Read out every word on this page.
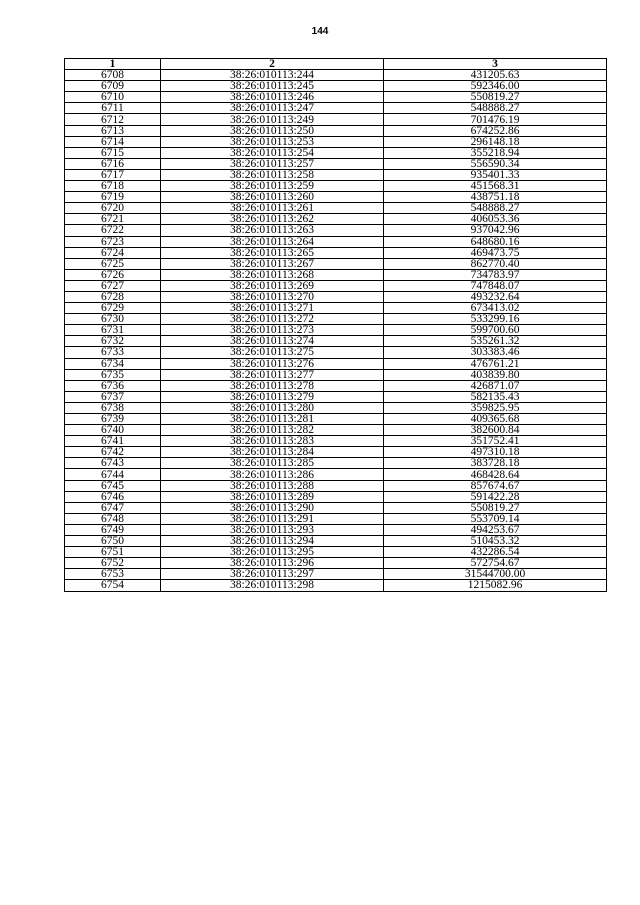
144
1	2	3
6708	38:26:010113:244	431205.63
6709	38:26:010113:245	592346.00
6710	38:26:010113:246	550819.27
6711	38:26:010113:247	548888.27
6712	38:26:010113:249	701476.19
6713	38:26:010113:250	674252.86
6714	38:26:010113:253	296148.18
6715	38:26:010113:254	355218.94
6716	38:26:010113:257	556590.34
6717	38:26:010113:258	935401.33
6718	38:26:010113:259	451568.31
6719	38:26:010113:260	438751.18
6720	38:26:010113:261	548888.27
6721	38:26:010113:262	406053.36
6722	38:26:010113:263	937042.96
6723	38:26:010113:264	648680.16
6724	38:26:010113:265	469473.75
6725	38:26:010113:267	862770.40
6726	38:26:010113:268	734783.97
6727	38:26:010113:269	747848.07
6728	38:26:010113:270	493232.64
6729	38:26:010113:271	673413.02
6730	38:26:010113:272	533299.16
6731	38:26:010113:273	599700.60
6732	38:26:010113:274	535261.32
6733	38:26:010113:275	303383.46
6734	38:26:010113:276	476761.21
6735	38:26:010113:277	403839.80
6736	38:26:010113:278	426871.07
6737	38:26:010113:279	582135.43
6738	38:26:010113:280	359825.95
6739	38:26:010113:281	409365.68
6740	38:26:010113:282	382600.84
6741	38:26:010113:283	351752.41
6742	38:26:010113:284	497310.18
6743	38:26:010113:285	383728.18
6744	38:26:010113:286	468428.64
6745	38:26:010113:288	857674.67
6746	38:26:010113:289	591422.28
6747	38:26:010113:290	550819.27
6748	38:26:010113:291	553709.14
6749	38:26:010113:293	494253.67
6750	38:26:010113:294	510453.32
6751	38:26:010113:295	432286.54
6752	38:26:010113:296	572754.67
6753	38:26:010113:297	31544700.00
6754	38:26:010113:298	1215082.96
